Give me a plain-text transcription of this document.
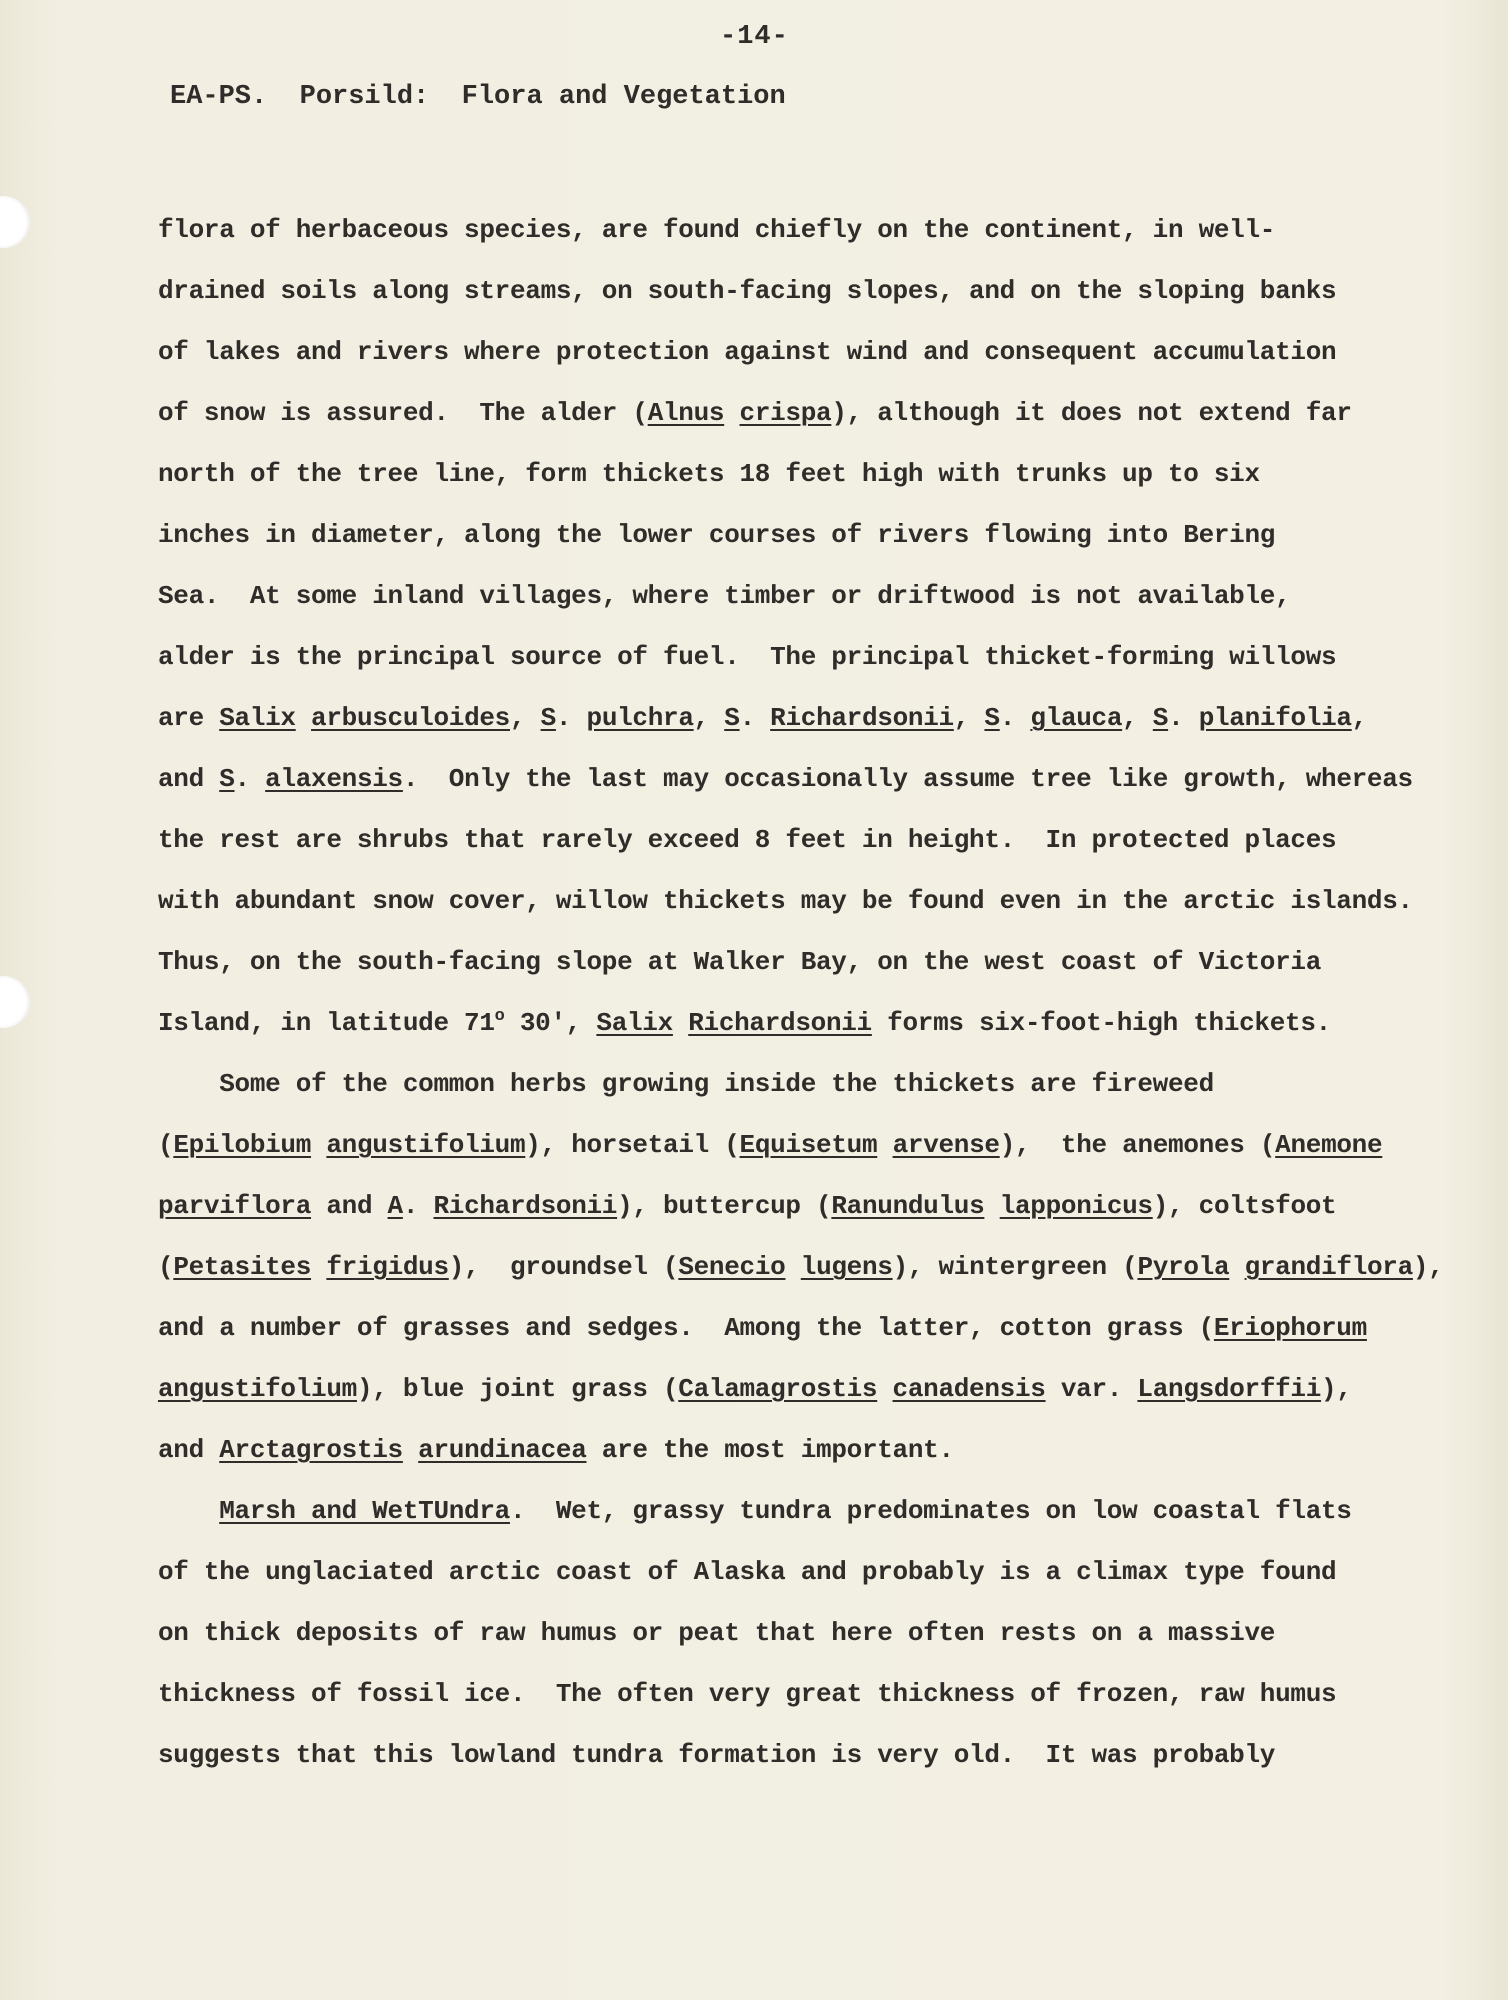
-14-
EA-PS.  Porsild:  Flora and Vegetation
flora of herbaceous species, are found chiefly on the continent, in well-
drained soils along streams, on south-facing slopes, and on the sloping banks
of lakes and rivers where protection against wind and consequent accumulation
of snow is assured.  The alder (Alnus crispa), although it does not extend far
north of the tree line, form thickets 18 feet high with trunks up to six
inches in diameter, along the lower courses of rivers flowing into Bering
Sea.  At some inland villages, where timber or driftwood is not available,
alder is the principal source of fuel.  The principal thicket-forming willows
are Salix arbusculoides, S. pulchra, S. Richardsonii, S. glauca, S. planifolia,
and S. alaxensis.  Only the last may occasionally assume tree like growth, whereas
the rest are shrubs that rarely exceed 8 feet in height.  In protected places
with abundant snow cover, willow thickets may be found even in the arctic islands.
Thus, on the south-facing slope at Walker Bay, on the west coast of Victoria
Island, in latitude 71$^o$ 30', Salix Richardsonii forms six-foot-high thickets.
Some of the common herbs growing inside the thickets are fireweed
(Epilobium angustifolium), horsetail (Equisetum arvense),  the anemones (Anemone
parviflora and A. Richardsonii), buttercup (Ranundulus lapponicus), coltsfoot
(Petasites frigidus),  groundsel (Senecio lugens), wintergreen (Pyrola grandiflora),
and a number of grasses and sedges.  Among the latter, cotton grass (Eriophorum
angustifolium), blue joint grass (Calamagrostis canadensis var. Langsdorffii),
and Arctagrostis arundinacea are the most important.
Marsh and WetTUndra.  Wet, grassy tundra predominates on low coastal flats
of the unglaciated arctic coast of Alaska and probably is a climax type found
on thick deposits of raw humus or peat that here often rests on a massive
thickness of fossil ice.  The often very great thickness of frozen, raw humus
suggests that this lowland tundra formation is very old.  It was probably
